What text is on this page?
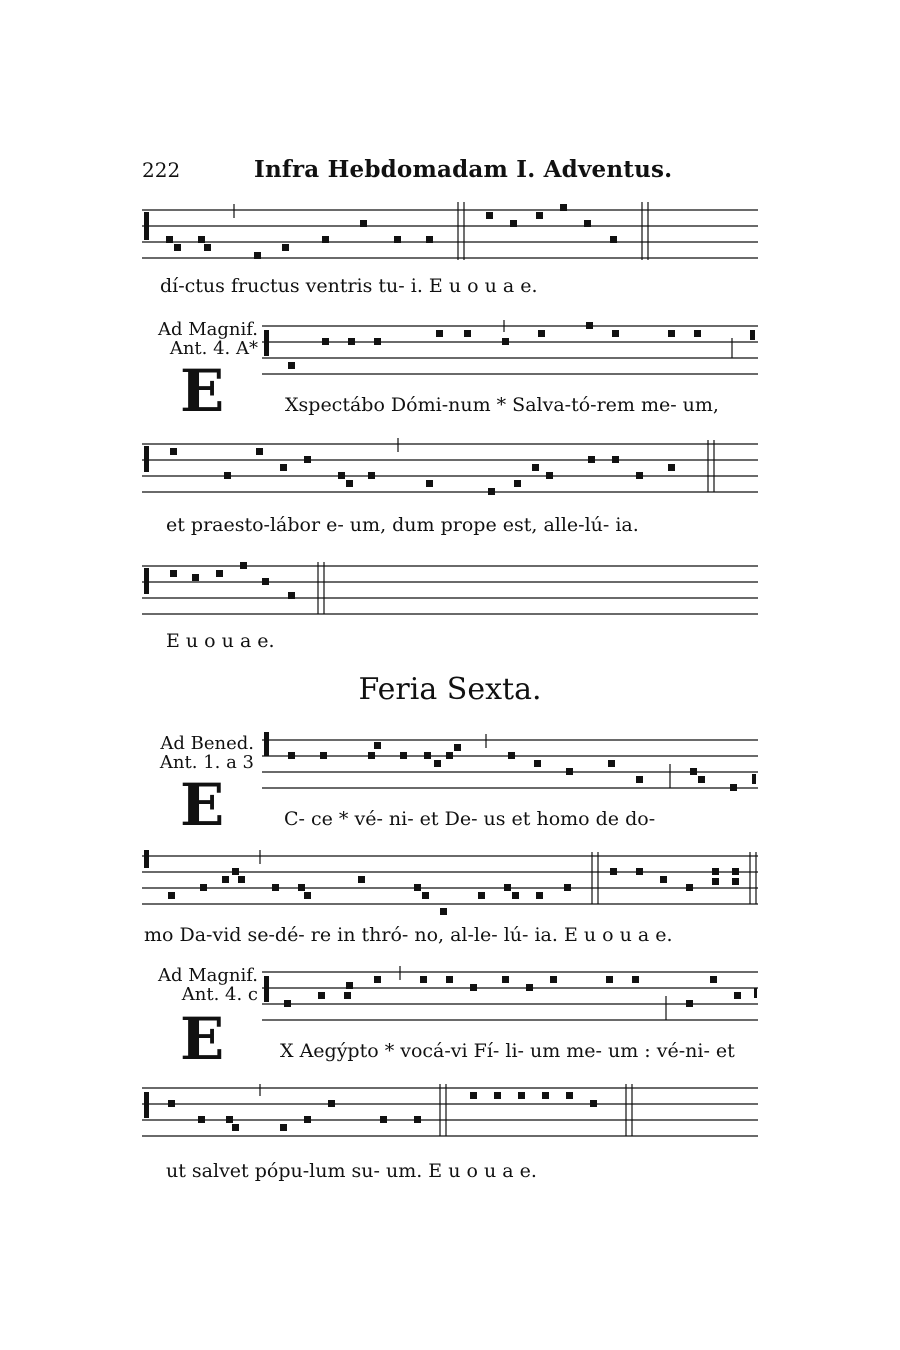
222	Infra Hebdomadam I. Adventus.
dí-ctus fructus ventris tu- i. E u o u a e.
Ad Magnif.
Ant. 4. A*
E	Xspectábo Dómi-num * Salva-tó-rem me- um,
et praesto-lábor e- um, dum prope est, alle-lú- ia.
E u o u a e.
Feria Sexta.
Ad Bened.
Ant. 1. a 3
E	C- ce * vé- ni- et De- us et homo de do-
mo Da-vid se-dé- re in thró- no, al-le- lú- ia. E u o u a e.
Ad Magnif.
Ant. 4. c
E	X Aegýpto * vocá-vi Fí- li- um me- um : vé-ni- et
ut salvet pópu-lum su- um. E u o u a e.
